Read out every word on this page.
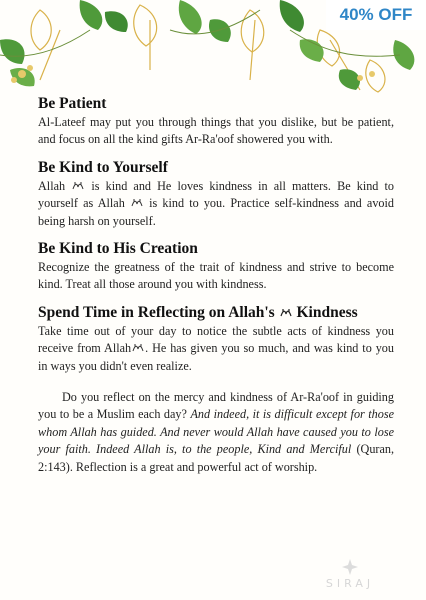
40% OFF
Be Patient

Al-Lateef may put you through things that you dislike, but be patient, and focus on all the kind gifts Ar-Ra'oof showered you with.

Be Kind to Yourself

Allah is kind and He loves kindness in all matters. Be kind to yourself as Allah is kind to you. Practice self-kindness and avoid being harsh on yourself.

Be Kind to His Creation

Recognize the greatness of the trait of kindness and strive to become kind. Treat all those around you with kindness.

Spend Time in Reflecting on Allah's Kindness

Take time out of your day to notice the subtle acts of kindness you receive from Allah . He has given you so much, and was kind to you in ways you didn't even realize.

Do you reflect on the mercy and kindness of Ar-Ra'oof in guiding you to be a Muslim each day? And indeed, it is difficult except for those whom Allah has guided. And never would Allah have caused you to lose your faith. Indeed Allah is, to the people, Kind and Merciful (Quran, 2:143). Reflection is a great and powerful act of worship.

SIRAJ
